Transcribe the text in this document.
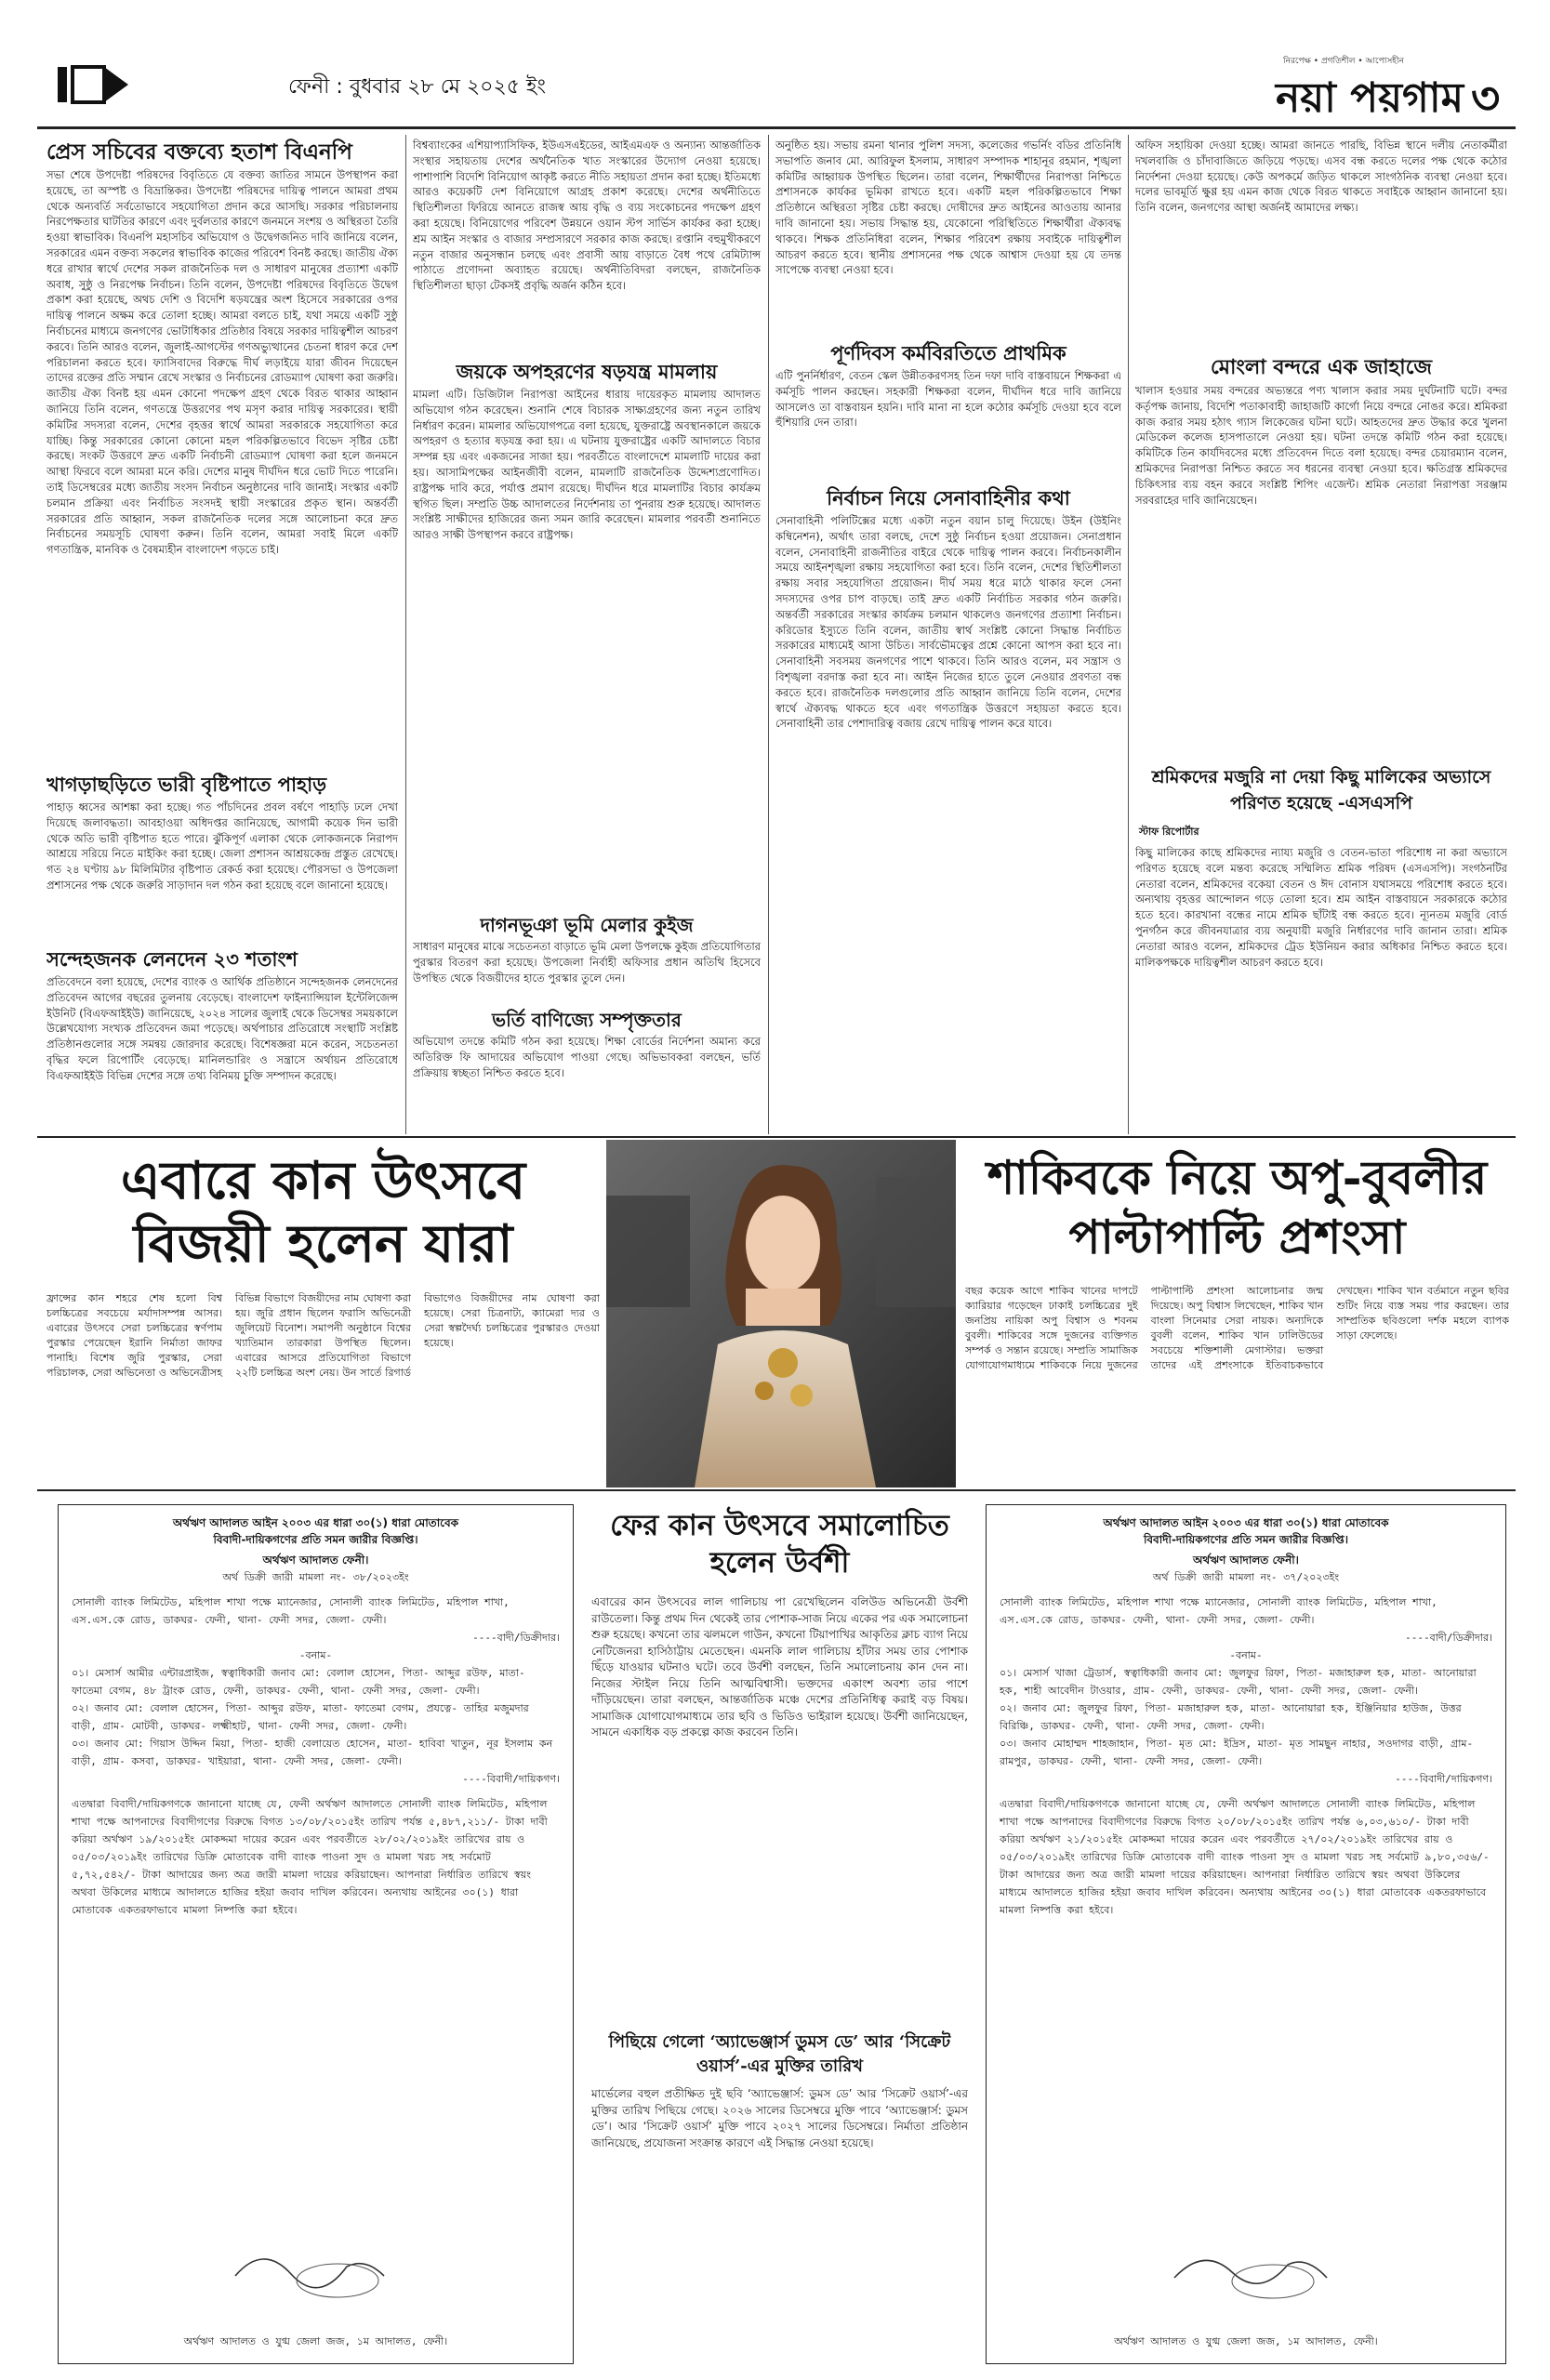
ফেনী : বুধবার ২৮ মে ২০২৫ ইং
নিরপেক্ষ • প্রগতিশীল • আপোসহীন
নয়া পয়গাম ৩
প্রেস সচিবের বক্তব্যে হতাশ বিএনপি
সভা শেষে উপদেষ্টা পরিষদের বিবৃতিতে যে বক্তব্য জাতির সামনে উপস্থাপন করা হয়েছে, তা অস্পষ্ট ও বিভ্রান্তিকর। উপদেষ্টা পরিষদের দায়িত্ব পালনে আমরা প্রথম থেকে অন্যবর্তি সর্বতোভাবে সহযোগিতা প্রদান করে আসছি। সরকার পরিচালনায় নিরপেক্ষতার ঘাটতির কারণে এবং দুর্বলতার কারণে জনমনে সংশয় ও অস্থিরতা তৈরি হওয়া স্বাভাবিক। বিএনপি মহাসচিব অভিযোগ ও উদ্বেগজনিত দাবি জানিয়ে বলেন, সরকারের এমন বক্তব্য সকলের স্বাভাবিক কাজের পরিবেশ বিনষ্ট করছে। জাতীয় ঐক্য ধরে রাখার স্বার্থে দেশের সকল রাজনৈতিক দল ও সাধারণ মানুষের প্রত্যাশা একটি অবাধ, সুষ্ঠু ও নিরপেক্ষ নির্বাচন। তিনি বলেন, উপদেষ্টা পরিষদের বিবৃতিতে উদ্বেগ প্রকাশ করা হয়েছে, অথচ দেশি ও বিদেশি ষড়যন্ত্রের অংশ হিসেবে সরকারের ওপর দায়িত্ব পালনে অক্ষম করে তোলা হচ্ছে। আমরা বলতে চাই, যথা সময়ে একটি সুষ্ঠু নির্বাচনের মাধ্যমে জনগণের ভোটাধিকার প্রতিষ্ঠার বিষয়ে সরকার দায়িত্বশীল আচরণ করবে। তিনি আরও বলেন, জুলাই-আগস্টের গণঅভ্যুত্থানের চেতনা ধারণ করে দেশ পরিচালনা করতে হবে। ফ্যাসিবাদের বিরুদ্ধে দীর্ঘ লড়াইয়ে যারা জীবন দিয়েছেন তাদের রক্তের প্রতি সম্মান রেখে সংস্কার ও নির্বাচনের রোডম্যাপ ঘোষণা করা জরুরি। জাতীয় ঐক্য বিনষ্ট হয় এমন কোনো পদক্ষেপ গ্রহণ থেকে বিরত থাকার আহ্বান জানিয়ে তিনি বলেন, গণতন্ত্রে উত্তরণের পথ মসৃণ করার দায়িত্ব সরকারের। স্থায়ী কমিটির সদস্যরা বলেন, দেশের বৃহত্তর স্বার্থে আমরা সরকারকে সহযোগিতা করে যাচ্ছি। কিন্তু সরকারের কোনো কোনো মহল পরিকল্পিতভাবে বিভেদ সৃষ্টির চেষ্টা করছে। সংকট উত্তরণে দ্রুত একটি নির্বাচনী রোডম্যাপ ঘোষণা করা হলে জনমনে আস্থা ফিরবে বলে আমরা মনে করি। দেশের মানুষ দীর্ঘদিন ধরে ভোট দিতে পারেনি। তাই ডিসেম্বরের মধ্যে জাতীয় সংসদ নির্বাচন অনুষ্ঠানের দাবি জানাই। সংস্কার একটি চলমান প্রক্রিয়া এবং নির্বাচিত সংসদই স্থায়ী সংস্কারের প্রকৃত স্থান। অন্তর্বর্তী সরকারের প্রতি আহ্বান, সকল রাজনৈতিক দলের সঙ্গে আলোচনা করে দ্রুত নির্বাচনের সময়সূচি ঘোষণা করুন। তিনি বলেন, আমরা সবাই মিলে একটি গণতান্ত্রিক, মানবিক ও বৈষম্যহীন বাংলাদেশ গড়তে চাই।
খাগড়াছড়িতে ভারী বৃষ্টিপাতে পাহাড়
পাহাড় ধ্বসের আশঙ্কা করা হচ্ছে। গত পাঁচদিনের প্রবল বর্ষণে পাহাড়ি ঢলে দেখা দিয়েছে জলাবদ্ধতা। আবহাওয়া অধিদপ্তর জানিয়েছে, আগামী কয়েক দিন ভারী থেকে অতি ভারী বৃষ্টিপাত হতে পারে। ঝুঁকিপূর্ণ এলাকা থেকে লোকজনকে নিরাপদ আশ্রয়ে সরিয়ে নিতে মাইকিং করা হচ্ছে। জেলা প্রশাসন আশ্রয়কেন্দ্র প্রস্তুত রেখেছে। গত ২৪ ঘণ্টায় ৯৮ মিলিমিটার বৃষ্টিপাত রেকর্ড করা হয়েছে। পৌরসভা ও উপজেলা প্রশাসনের পক্ষ থেকে জরুরি সাড়াদান দল গঠন করা হয়েছে বলে জানানো হয়েছে।
সন্দেহজনক লেনদেন ২৩ শতাংশ
প্রতিবেদনে বলা হয়েছে, দেশের ব্যাংক ও আর্থিক প্রতিষ্ঠানে সন্দেহজনক লেনদেনের প্রতিবেদন আগের বছরের তুলনায় বেড়েছে। বাংলাদেশ ফাইন্যান্সিয়াল ইন্টেলিজেন্স ইউনিট (বিএফআইইউ) জানিয়েছে, ২০২৪ সালের জুলাই থেকে ডিসেম্বর সময়কালে উল্লেখযোগ্য সংখ্যক প্রতিবেদন জমা পড়েছে। অর্থপাচার প্রতিরোধে সংস্থাটি সংশ্লিষ্ট প্রতিষ্ঠানগুলোর সঙ্গে সমন্বয় জোরদার করেছে। বিশেষজ্ঞরা মনে করেন, সচেতনতা বৃদ্ধির ফলে রিপোর্টিং বেড়েছে। মানিলন্ডারিং ও সন্ত্রাসে অর্থায়ন প্রতিরোধে বিএফআইইউ বিভিন্ন দেশের সঙ্গে তথ্য বিনিময় চুক্তি সম্পাদন করেছে।
বিশ্বব্যাংকের এশিয়াপ্যাসিফিক, ইউএসএইডের, আইএমএফ ও অন্যান্য আন্তর্জাতিক সংস্থার সহায়তায় দেশের অর্থনৈতিক খাত সংস্কারের উদ্যোগ নেওয়া হয়েছে। পাশাপাশি বিদেশি বিনিয়োগ আকৃষ্ট করতে নীতি সহায়তা প্রদান করা হচ্ছে। ইতিমধ্যে আরও কয়েকটি দেশ বিনিয়োগে আগ্রহ প্রকাশ করেছে। দেশের অর্থনীতিতে স্থিতিশীলতা ফিরিয়ে আনতে রাজস্ব আয় বৃদ্ধি ও ব্যয় সংকোচনের পদক্ষেপ গ্রহণ করা হয়েছে। বিনিয়োগের পরিবেশ উন্নয়নে ওয়ান স্টপ সার্ভিস কার্যকর করা হচ্ছে। শ্রম আইন সংস্কার ও বাজার সম্প্রসারণে সরকার কাজ করছে। রপ্তানি বহুমুখীকরণে নতুন বাজার অনুসন্ধান চলছে এবং প্রবাসী আয় বাড়াতে বৈধ পথে রেমিট্যান্স পাঠাতে প্রণোদনা অব্যাহত রয়েছে। অর্থনীতিবিদরা বলছেন, রাজনৈতিক স্থিতিশীলতা ছাড়া টেকসই প্রবৃদ্ধি অর্জন কঠিন হবে।
জয়কে অপহরণের ষড়যন্ত্র মামলায়
মামলা এটি। ডিজিটাল নিরাপত্তা আইনের ধারায় দায়েরকৃত মামলায় আদালত অভিযোগ গঠন করেছেন। শুনানি শেষে বিচারক সাক্ষ্যগ্রহণের জন্য নতুন তারিখ নির্ধারণ করেন। মামলার অভিযোগপত্রে বলা হয়েছে, যুক্তরাষ্ট্রে অবস্থানকালে জয়কে অপহরণ ও হত্যার ষড়যন্ত্র করা হয়। এ ঘটনায় যুক্তরাষ্ট্রের একটি আদালতে বিচার সম্পন্ন হয় এবং একজনের সাজা হয়। পরবর্তীতে বাংলাদেশে মামলাটি দায়ের করা হয়। আসামিপক্ষের আইনজীবী বলেন, মামলাটি রাজনৈতিক উদ্দেশ্যপ্রণোদিত। রাষ্ট্রপক্ষ দাবি করে, পর্যাপ্ত প্রমাণ রয়েছে। দীর্ঘদিন ধরে মামলাটির বিচার কার্যক্রম স্থগিত ছিল। সম্প্রতি উচ্চ আদালতের নির্দেশনায় তা পুনরায় শুরু হয়েছে। আদালত সংশ্লিষ্ট সাক্ষীদের হাজিরের জন্য সমন জারি করেছেন। মামলার পরবর্তী শুনানিতে আরও সাক্ষী উপস্থাপন করবে রাষ্ট্রপক্ষ।
দাগনভূঞা ভূমি মেলার কুইজ
সাধারণ মানুষের মাঝে সচেতনতা বাড়াতে ভূমি মেলা উপলক্ষে কুইজ প্রতিযোগিতার পুরস্কার বিতরণ করা হয়েছে। উপজেলা নির্বাহী অফিসার প্রধান অতিথি হিসেবে উপস্থিত থেকে বিজয়ীদের হাতে পুরস্কার তুলে দেন।
ভর্তি বাণিজ্যে সম্পৃক্ততার
অভিযোগ তদন্তে কমিটি গঠন করা হয়েছে। শিক্ষা বোর্ডের নির্দেশনা অমান্য করে অতিরিক্ত ফি আদায়ের অভিযোগ পাওয়া গেছে। অভিভাবকরা বলছেন, ভর্তি প্রক্রিয়ায় স্বচ্ছতা নিশ্চিত করতে হবে।
অনুষ্ঠিত হয়। সভায় রমনা থানার পুলিশ সদস্য, কলেজের গভর্নিং বডির প্রতিনিধি সভাপতি জনাব মো. আরিফুল ইসলাম, সাধারণ সম্পাদক শাহানূর রহমান, শৃঙ্খলা কমিটির আহ্বায়ক উপস্থিত ছিলেন। তারা বলেন, শিক্ষার্থীদের নিরাপত্তা নিশ্চিতে প্রশাসনকে কার্যকর ভূমিকা রাখতে হবে। একটি মহল পরিকল্পিতভাবে শিক্ষা প্রতিষ্ঠানে অস্থিরতা সৃষ্টির চেষ্টা করছে। দোষীদের দ্রুত আইনের আওতায় আনার দাবি জানানো হয়। সভায় সিদ্ধান্ত হয়, যেকোনো পরিস্থিতিতে শিক্ষার্থীরা ঐক্যবদ্ধ থাকবে। শিক্ষক প্রতিনিধিরা বলেন, শিক্ষার পরিবেশ রক্ষায় সবাইকে দায়িত্বশীল আচরণ করতে হবে। স্থানীয় প্রশাসনের পক্ষ থেকে আশ্বাস দেওয়া হয় যে তদন্ত সাপেক্ষে ব্যবস্থা নেওয়া হবে।
পূর্ণদিবস কর্মবিরতিতে প্রাথমিক
এটি পুনর্নির্ধারণ, বেতন স্কেল উন্নীতকরণসহ তিন দফা দাবি বাস্তবায়নে শিক্ষকরা এ কর্মসূচি পালন করছেন। সহকারী শিক্ষকরা বলেন, দীর্ঘদিন ধরে দাবি জানিয়ে আসলেও তা বাস্তবায়ন হয়নি। দাবি মানা না হলে কঠোর কর্মসূচি দেওয়া হবে বলে হুঁশিয়ারি দেন তারা।
নির্বাচন নিয়ে সেনাবাহিনীর কথা
সেনাবাহিনী পলিটিক্সের মধ্যে একটা নতুন বয়ান চালু দিয়েছে। উইন (উইনিং কম্বিনেশন), অর্থাৎ তারা বলছে, দেশে সুষ্ঠু নির্বাচন হওয়া প্রয়োজন। সেনাপ্রধান বলেন, সেনাবাহিনী রাজনীতির বাইরে থেকে দায়িত্ব পালন করবে। নির্বাচনকালীন সময়ে আইনশৃঙ্খলা রক্ষায় সহযোগিতা করা হবে। তিনি বলেন, দেশের স্থিতিশীলতা রক্ষায় সবার সহযোগিতা প্রয়োজন। দীর্ঘ সময় ধরে মাঠে থাকার ফলে সেনা সদস্যদের ওপর চাপ বাড়ছে। তাই দ্রুত একটি নির্বাচিত সরকার গঠন জরুরি। অন্তর্বর্তী সরকারের সংস্কার কার্যক্রম চলমান থাকলেও জনগণের প্রত্যাশা নির্বাচন। করিডোর ইস্যুতে তিনি বলেন, জাতীয় স্বার্থ সংশ্লিষ্ট কোনো সিদ্ধান্ত নির্বাচিত সরকারের মাধ্যমেই আসা উচিত। সার্বভৌমত্বের প্রশ্নে কোনো আপস করা হবে না। সেনাবাহিনী সবসময় জনগণের পাশে থাকবে। তিনি আরও বলেন, মব সন্ত্রাস ও বিশৃঙ্খলা বরদাস্ত করা হবে না। আইন নিজের হাতে তুলে নেওয়ার প্রবণতা বন্ধ করতে হবে। রাজনৈতিক দলগুলোর প্রতি আহ্বান জানিয়ে তিনি বলেন, দেশের স্বার্থে ঐক্যবদ্ধ থাকতে হবে এবং গণতান্ত্রিক উত্তরণে সহায়তা করতে হবে। সেনাবাহিনী তার পেশাদারিত্ব বজায় রেখে দায়িত্ব পালন করে যাবে।
অফিস সহায়িকা দেওয়া হচ্ছে। আমরা জানতে পারছি, বিভিন্ন স্থানে দলীয় নেতাকর্মীরা দখলবাজি ও চাঁদাবাজিতে জড়িয়ে পড়ছে। এসব বন্ধ করতে দলের পক্ষ থেকে কঠোর নির্দেশনা দেওয়া হয়েছে। কেউ অপকর্মে জড়িত থাকলে সাংগঠনিক ব্যবস্থা নেওয়া হবে। দলের ভাবমূর্তি ক্ষুণ্ণ হয় এমন কাজ থেকে বিরত থাকতে সবাইকে আহ্বান জানানো হয়। তিনি বলেন, জনগণের আস্থা অর্জনই আমাদের লক্ষ্য।
মোংলা বন্দরে এক জাহাজে
খালাস হওয়ার সময় বন্দরের অভ্যন্তরে পণ্য খালাস করার সময় দুর্ঘটনাটি ঘটে। বন্দর কর্তৃপক্ষ জানায়, বিদেশি পতাকাবাহী জাহাজটি কার্গো নিয়ে বন্দরে নোঙর করে। শ্রমিকরা কাজ করার সময় হঠাৎ গ্যাস লিকেজের ঘটনা ঘটে। আহতদের দ্রুত উদ্ধার করে খুলনা মেডিকেল কলেজ হাসপাতালে নেওয়া হয়। ঘটনা তদন্তে কমিটি গঠন করা হয়েছে। কমিটিকে তিন কার্যদিবসের মধ্যে প্রতিবেদন দিতে বলা হয়েছে। বন্দর চেয়ারম্যান বলেন, শ্রমিকদের নিরাপত্তা নিশ্চিত করতে সব ধরনের ব্যবস্থা নেওয়া হবে। ক্ষতিগ্রস্ত শ্রমিকদের চিকিৎসার ব্যয় বহন করবে সংশ্লিষ্ট শিপিং এজেন্ট। শ্রমিক নেতারা নিরাপত্তা সরঞ্জাম সরবরাহের দাবি জানিয়েছেন।
শ্রমিকদের মজুরি না দেয়া কিছু মালিকের অভ্যাসে পরিণত হয়েছে -এসএসপি
স্টাফ রিপোর্টার
কিছু মালিকের কাছে শ্রমিকদের ন্যায্য মজুরি ও বেতন-ভাতা পরিশোধ না করা অভ্যাসে পরিণত হয়েছে বলে মন্তব্য করেছে সম্মিলিত শ্রমিক পরিষদ (এসএসপি)। সংগঠনটির নেতারা বলেন, শ্রমিকদের বকেয়া বেতন ও ঈদ বোনাস যথাসময়ে পরিশোধ করতে হবে। অন্যথায় বৃহত্তর আন্দোলন গড়ে তোলা হবে। শ্রম আইন বাস্তবায়নে সরকারকে কঠোর হতে হবে। কারখানা বন্ধের নামে শ্রমিক ছাঁটাই বন্ধ করতে হবে। ন্যূনতম মজুরি বোর্ড পুনর্গঠন করে জীবনযাত্রার ব্যয় অনুযায়ী মজুরি নির্ধারণের দাবি জানান তারা। শ্রমিক নেতারা আরও বলেন, শ্রমিকদের ট্রেড ইউনিয়ন করার অধিকার নিশ্চিত করতে হবে। মালিকপক্ষকে দায়িত্বশীল আচরণ করতে হবে।
এবারে কান উৎসবে
বিজয়ী হলেন যারা
ফ্রান্সের কান শহরে শেষ হলো বিশ্ব চলচ্চিত্রের সবচেয়ে মর্যাদাসম্পন্ন আসর। এবারের উৎসবে সেরা চলচ্চিত্রের স্বর্ণপাম পুরস্কার পেয়েছেন ইরানি নির্মাতা জাফর পানাহি। বিশেষ জুরি পুরস্কার, সেরা পরিচালক, সেরা অভিনেতা ও অভিনেত্রীসহ বিভিন্ন বিভাগে বিজয়ীদের নাম ঘোষণা করা হয়। জুরি প্রধান ছিলেন ফরাসি অভিনেত্রী জুলিয়েট বিনোশ। সমাপনী অনুষ্ঠানে বিশ্বের খ্যাতিমান তারকারা উপস্থিত ছিলেন। এবারের আসরে প্রতিযোগিতা বিভাগে ২২টি চলচ্চিত্র অংশ নেয়। উন সার্তে রিগার্ড বিভাগেও বিজয়ীদের নাম ঘোষণা করা হয়েছে। সেরা চিত্রনাট্য, ক্যামেরা দ্যর ও সেরা স্বল্পদৈর্ঘ্য চলচ্চিত্রের পুরস্কারও দেওয়া হয়েছে।
শাকিবকে নিয়ে অপু-বুবলীর
পাল্টাপাল্টি প্রশংসা
বছর কয়েক আগে শাকিব খানের দাপটে ক্যারিয়ার গড়েছেন ঢাকাই চলচ্চিত্রের দুই জনপ্রিয় নায়িকা অপু বিশ্বাস ও শবনম বুবলী। শাকিবের সঙ্গে দুজনের ব্যক্তিগত সম্পর্ক ও সন্তান রয়েছে। সম্প্রতি সামাজিক যোগাযোগমাধ্যমে শাকিবকে নিয়ে দুজনের পাল্টাপাল্টি প্রশংসা আলোচনার জন্ম দিয়েছে। অপু বিশ্বাস লিখেছেন, শাকিব খান বাংলা সিনেমার সেরা নায়ক। অন্যদিকে বুবলী বলেন, শাকিব খান ঢালিউডের সবচেয়ে শক্তিশালী মেগাস্টার। ভক্তরা তাদের এই প্রশংসাকে ইতিবাচকভাবে দেখছেন। শাকিব খান বর্তমানে নতুন ছবির শুটিং নিয়ে ব্যস্ত সময় পার করছেন। তার সাম্প্রতিক ছবিগুলো দর্শক মহলে ব্যাপক সাড়া ফেলেছে।
অর্থঋণ আদালত আইন ২০০৩ এর ধারা ৩০(১) ধারা মোতাবেক
বিবাদী-দায়িকগণের প্রতি সমন জারীর বিজ্ঞপ্তি।
অর্থঋণ আদালত ফেনী।
অর্থ ডিক্রী জারী মামলা নং- ৩৮/২০২৩ইং
সোনালী ব্যাংক লিমিটেড, মহিপাল শাখা পক্ষে ম্যানেজার, সোনালী ব্যাংক লিমিটেড, মহিপাল শাখা, এস.এস.কে রোড, ডাকঘর- ফেনী, থানা- ফেনী সদর, জেলা- ফেনী।
----বাদী/ডিক্রীদার।
-বনাম-
০১। মেসার্স আমীর এন্টারপ্রাইজ, স্বত্বাধিকারী জনাব মো: বেলাল হোসেন, পিতা- আব্দুর রউফ, মাতা- ফাতেমা বেগম, ৪৮ ট্রাংক রোড, ফেনী, ডাকঘর- ফেনী, থানা- ফেনী সদর, জেলা- ফেনী।
০২। জনাব মো: বেলাল হোসেন, পিতা- আব্দুর রউফ, মাতা- ফাতেমা বেগম, প্রযত্নে- তাহির মজুমদার বাড়ী, গ্রাম- মোটবী, ডাকঘর- লক্ষ্মীহাট, থানা- ফেনী সদর, জেলা- ফেনী।
০৩। জনাব মো: গিয়াস উদ্দিন মিয়া, পিতা- হাজী বেলায়েত হোসেন, মাতা- হাবিবা খাতুন, নূর ইসলাম কন বাড়ী, গ্রাম- কসবা, ডাকঘর- খাইয়ারা, থানা- ফেনী সদর, জেলা- ফেনী।
----বিবাদী/দায়িকগণ।
এতদ্বারা বিবাদী/দায়িকগণকে জানানো যাচ্ছে যে, ফেনী অর্থঋণ আদালতে সোনালী ব্যাংক লিমিটেড, মহিপাল শাখা পক্ষে আপনাদের বিবাদীগণের বিরুদ্ধে বিগত ১৩/০৮/২০১৫ইং তারিখ পর্যন্ত ৫,৪৮৭,২১১/- টাকা দাবী করিয়া অর্থঋণ ১৯/২০১৫ইং মোকদ্দমা দায়ের করেন এবং পরবর্তীতে ২৮/০২/২০১৯ইং তারিখের রায় ও ০৫/০৩/২০১৯ইং তারিখের ডিক্রি মোতাবেক বাদী ব্যাংক পাওনা সুদ ও মামলা খরচ সহ সর্বমোট ৫,৭২,৫৪২/- টাকা আদায়ের জন্য অত্র জারী মামলা দায়ের করিয়াছেন। আপনারা নির্ধারিত তারিখে স্বয়ং অথবা উকিলের মাধ্যমে আদালতে হাজির হইয়া জবাব দাখিল করিবেন। অন্যথায় আইনের ৩০(১) ধারা মোতাবেক একতরফাভাবে মামলা নিষ্পত্তি করা হইবে।
অর্থঋণ আদালত ও যুগ্ম জেলা জজ, ১ম আদালত, ফেনী।
ফের কান উৎসবে সমালোচিত
হলেন উর্বশী
এবারের কান উৎসবের লাল গালিচায় পা রেখেছিলেন বলিউড অভিনেত্রী উর্বশী রাউতেলা। কিন্তু প্রথম দিন থেকেই তার পোশাক-সাজ নিয়ে একের পর এক সমালোচনা শুরু হয়েছে। কখনো তার ঝলমলে গাউন, কখনো টিয়াপাখির আকৃতির ক্লাচ ব্যাগ নিয়ে নেটিজেনরা হাসিঠাট্টায় মেতেছেন। এমনকি লাল গালিচায় হাঁটার সময় তার পোশাক ছিঁড়ে যাওয়ার ঘটনাও ঘটে। তবে উর্বশী বলছেন, তিনি সমালোচনায় কান দেন না। নিজের স্টাইল নিয়ে তিনি আত্মবিশ্বাসী। ভক্তদের একাংশ অবশ্য তার পাশে দাঁড়িয়েছেন। তারা বলছেন, আন্তর্জাতিক মঞ্চে দেশের প্রতিনিধিত্ব করাই বড় বিষয়। সামাজিক যোগাযোগমাধ্যমে তার ছবি ও ভিডিও ভাইরাল হয়েছে। উর্বশী জানিয়েছেন, সামনে একাধিক বড় প্রকল্পে কাজ করবেন তিনি।
পিছিয়ে গেলো ‘অ্যাভেঞ্জার্স ডুমস ডে’ আর ‘সিক্রেট ওয়ার্স’-এর মুক্তির তারিখ
মার্ভেলের বহুল প্রতীক্ষিত দুই ছবি ‘অ্যাভেঞ্জার্স: ডুমস ডে’ আর ‘সিক্রেট ওয়ার্স’-এর মুক্তির তারিখ পিছিয়ে গেছে। ২০২৬ সালের ডিসেম্বরে মুক্তি পাবে ‘অ্যাভেঞ্জার্স: ডুমস ডে’। আর ‘সিক্রেট ওয়ার্স’ মুক্তি পাবে ২০২৭ সালের ডিসেম্বরে। নির্মাতা প্রতিষ্ঠান জানিয়েছে, প্রযোজনা সংক্রান্ত কারণে এই সিদ্ধান্ত নেওয়া হয়েছে।
অর্থঋণ আদালত আইন ২০০৩ এর ধারা ৩০(১) ধারা মোতাবেক
বিবাদী-দায়িকগণের প্রতি সমন জারীর বিজ্ঞপ্তি।
অর্থঋণ আদালত ফেনী।
অর্থ ডিক্রী জারী মামলা নং- ৩৭/২০২৩ইং
সোনালী ব্যাংক লিমিটেড, মহিপাল শাখা পক্ষে ম্যানেজার, সোনালী ব্যাংক লিমিটেড, মহিপাল শাখা, এস.এস.কে রোড, ডাকঘর- ফেনী, থানা- ফেনী সদর, জেলা- ফেনী।
----বাদী/ডিক্রীদার।
-বনাম-
০১। মেসার্স খাজা ট্রেডার্স, স্বত্বাধিকারী জনাব মো: জুলফুর রিফা, পিতা- মজাহারুল হক, মাতা- আনোয়ারা হক, শাহী আবেদীন টাওয়ার, গ্রাম- ফেনী, ডাকঘর- ফেনী, থানা- ফেনী সদর, জেলা- ফেনী।
০২। জনাব মো: জুলফুর রিফা, পিতা- মজাহারুল হক, মাতা- আনোয়ারা হক, ইঞ্জিনিয়ার হাউজ, উত্তর বিরিঞ্চি, ডাকঘর- ফেনী, থানা- ফেনী সদর, জেলা- ফেনী।
০৩। জনাব মোহাম্মদ শাহজাহান, পিতা- মৃত মো: ইদ্রিস, মাতা- মৃত সামছুন নাহার, সওদাগর বাড়ী, গ্রাম- রামপুর, ডাকঘর- ফেনী, থানা- ফেনী সদর, জেলা- ফেনী।
----বিবাদী/দায়িকগণ।
এতদ্বারা বিবাদী/দায়িকগণকে জানানো যাচ্ছে যে, ফেনী অর্থঋণ আদালতে সোনালী ব্যাংক লিমিটেড, মহিপাল শাখা পক্ষে আপনাদের বিবাদীগণের বিরুদ্ধে বিগত ২০/০৮/২০১৫ইং তারিখ পর্যন্ত ৬,০৩,৬১০/- টাকা দাবী করিয়া অর্থঋণ ২১/২০১৫ইং মোকদ্দমা দায়ের করেন এবং পরবর্তীতে ২৭/০২/২০১৯ইং তারিখের রায় ও ০৫/০৩/২০১৯ইং তারিখের ডিক্রি মোতাবেক বাদী ব্যাংক পাওনা সুদ ও মামলা খরচ সহ সর্বমোট ৯,৮০,৩৫৬/- টাকা আদায়ের জন্য অত্র জারী মামলা দায়ের করিয়াছেন। আপনারা নির্ধারিত তারিখে স্বয়ং অথবা উকিলের মাধ্যমে আদালতে হাজির হইয়া জবাব দাখিল করিবেন। অন্যথায় আইনের ৩০(১) ধারা মোতাবেক একতরফাভাবে মামলা নিষ্পত্তি করা হইবে।
অর্থঋণ আদালত ও যুগ্ম জেলা জজ, ১ম আদালত, ফেনী।
